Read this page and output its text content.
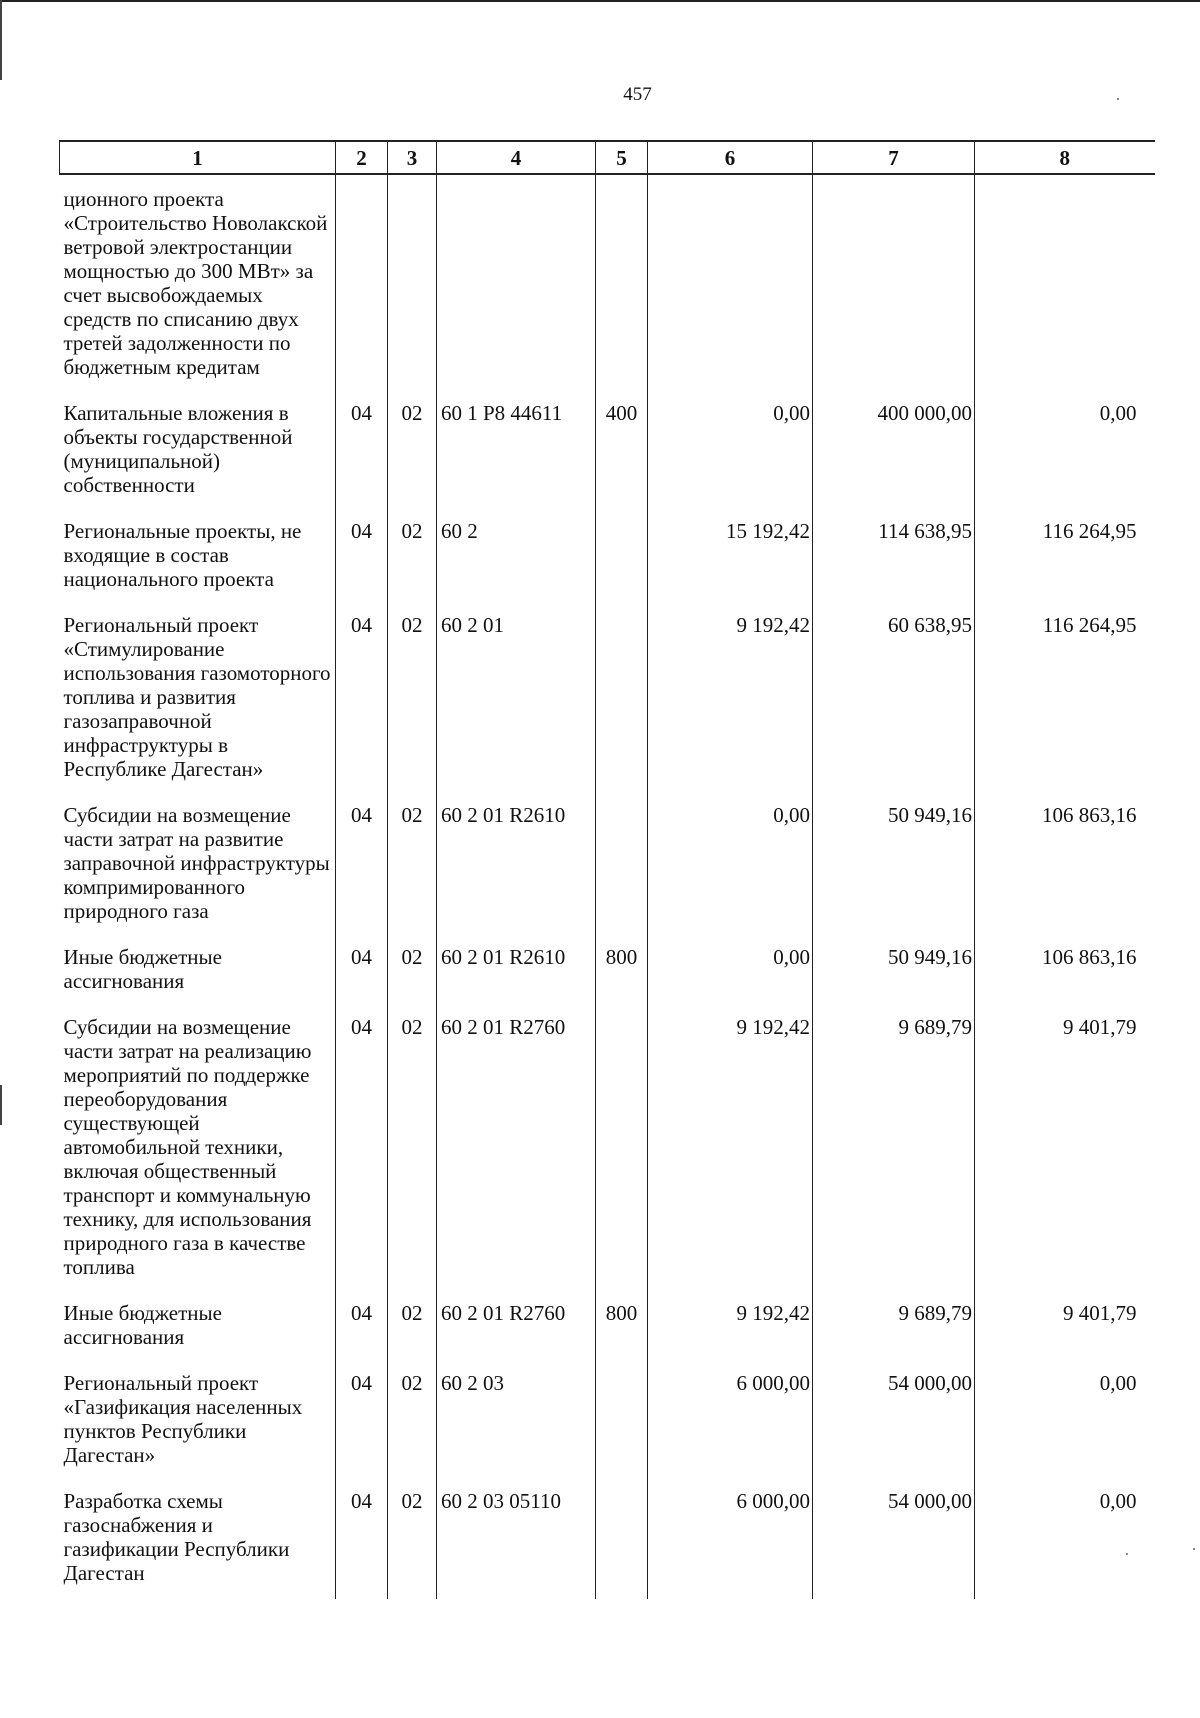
457
1	2	3	4	5	6	7	8
ционного проекта «Строительство Новолакской ветровой электростанции мощностью до 300 МВт» за счет высвобождаемых средств по списанию двух третей задолженности по бюджетным кредитам							
Капитальные вложения в объекты государственной (муниципальной) собственности	04	02	60 1 P8 44611	400	0,00	400 000,00	0,00
Региональные проекты, не входящие в состав национального проекта	04	02	60 2		15 192,42	114 638,95	116 264,95
Региональный проект «Стимулирование использования газомоторного топлива и развития газозаправочной инфраструктуры в Республике Дагестан»	04	02	60 2 01		9 192,42	60 638,95	116 264,95
Субсидии на возмещение части затрат на развитие заправочной инфраструктуры компримированного природного газа	04	02	60 2 01 R2610		0,00	50 949,16	106 863,16
Иные бюджетные ассигнования	04	02	60 2 01 R2610	800	0,00	50 949,16	106 863,16
Субсидии на возмещение части затрат на реализацию мероприятий по поддержке переоборудования существующей автомобильной техники, включая общественный транспорт и коммунальную технику, для использования природного газа в качестве топлива	04	02	60 2 01 R2760		9 192,42	9 689,79	9 401,79
Иные бюджетные ассигнования	04	02	60 2 01 R2760	800	9 192,42	9 689,79	9 401,79
Региональный проект «Газификация населенных пунктов Республики Дагестан»	04	02	60 2 03		6 000,00	54 000,00	0,00
Разработка схемы газоснабжения и газификации Республики Дагестан	04	02	60 2 03 05110		6 000,00	54 000,00	0,00
